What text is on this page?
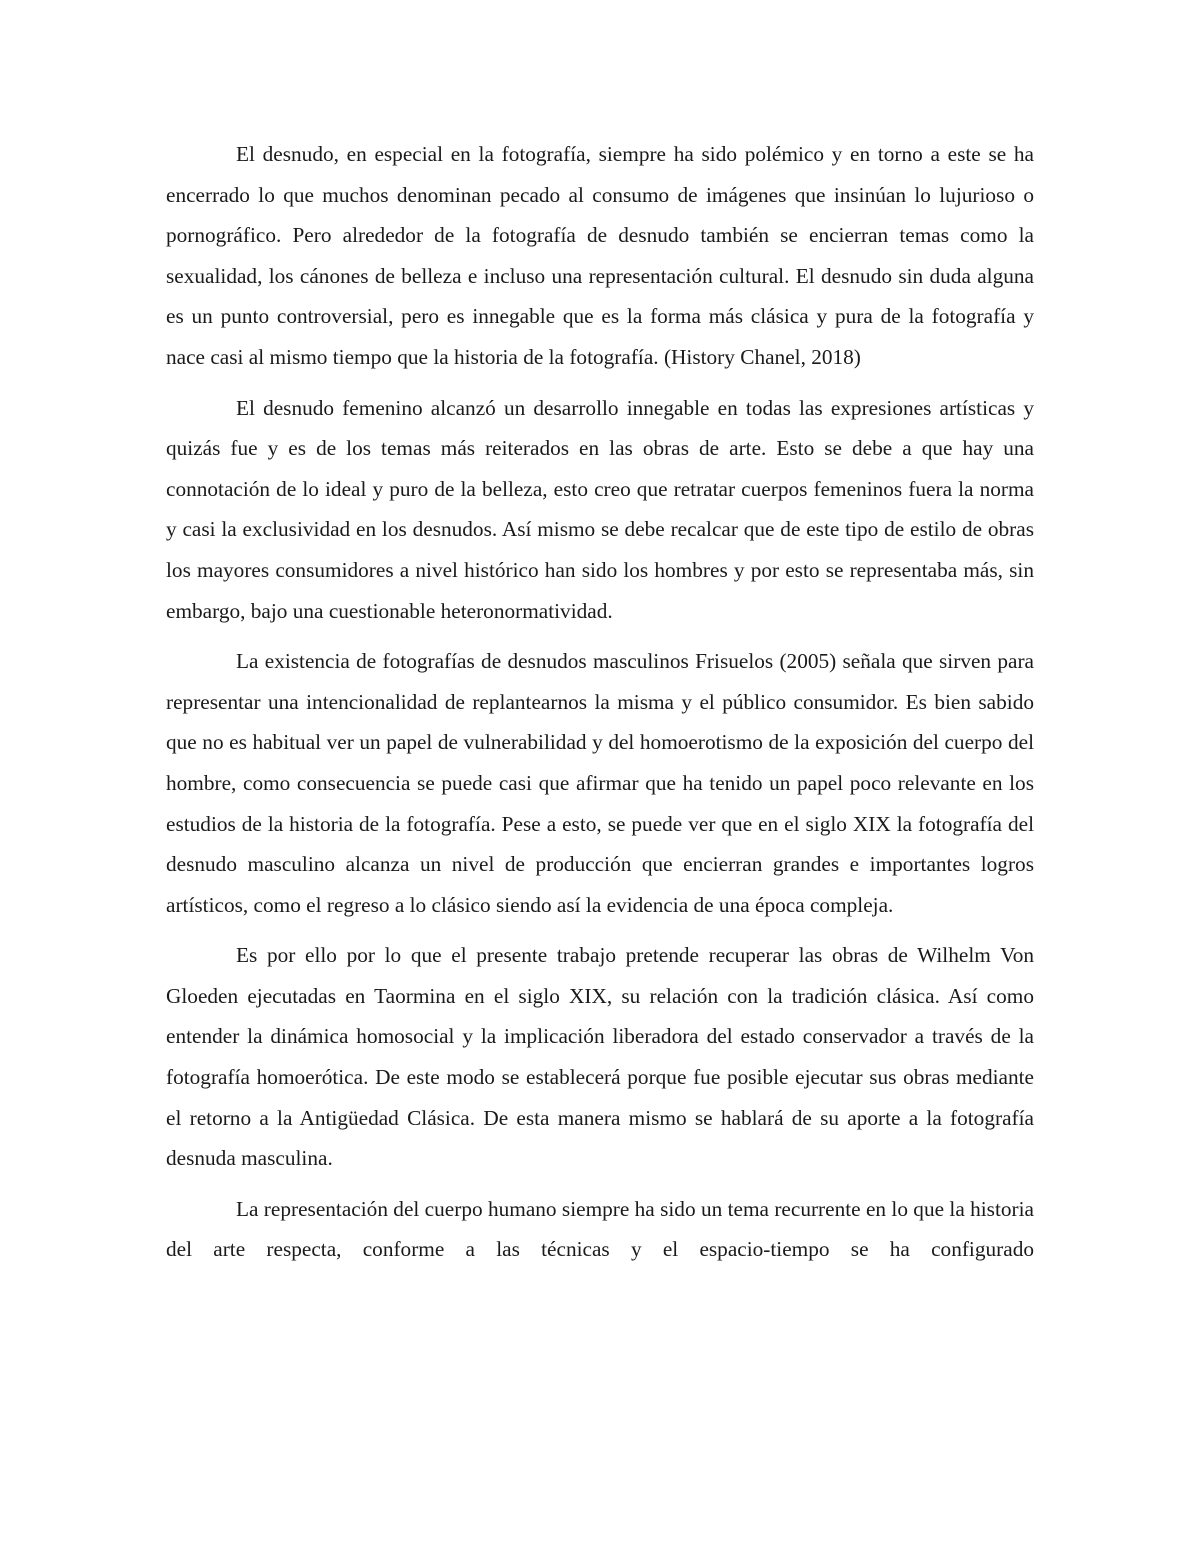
El desnudo, en especial en la fotografía, siempre ha sido polémico y en torno a este se ha encerrado lo que muchos denominan pecado al consumo de imágenes que insinúan lo lujurioso o pornográfico. Pero alrededor de la fotografía de desnudo también se encierran temas como la sexualidad, los cánones de belleza e incluso una representación cultural. El desnudo sin duda alguna es un punto controversial, pero es innegable que es la forma más clásica y pura de la fotografía y nace casi al mismo tiempo que la historia de la fotografía. (History Chanel, 2018)

El desnudo femenino alcanzó un desarrollo innegable en todas las expresiones artísticas y quizás fue y es de los temas más reiterados en las obras de arte. Esto se debe a que hay una connotación de lo ideal y puro de la belleza, esto creo que retratar cuerpos femeninos fuera la norma y casi la exclusividad en los desnudos. Así mismo se debe recalcar que de este tipo de estilo de obras los mayores consumidores a nivel histórico han sido los hombres y por esto se representaba más, sin embargo, bajo una cuestionable heteronormatividad.

La existencia de fotografías de desnudos masculinos Frisuelos (2005) señala que sirven para representar una intencionalidad de replantearnos la misma y el público consumidor. Es bien sabido que no es habitual ver un papel de vulnerabilidad y del homoerotismo de la exposición del cuerpo del hombre, como consecuencia se puede casi que afirmar que ha tenido un papel poco relevante en los estudios de la historia de la fotografía. Pese a esto, se puede ver que en el siglo XIX la fotografía del desnudo masculino alcanza un nivel de producción que encierran grandes e importantes logros artísticos, como el regreso a lo clásico siendo así la evidencia de una época compleja.

Es por ello por lo que el presente trabajo pretende recuperar las obras de Wilhelm Von Gloeden ejecutadas en Taormina en el siglo XIX, su relación con la tradición clásica. Así como entender la dinámica homosocial y la implicación liberadora del estado conservador a través de la fotografía homoerótica. De este modo se establecerá porque fue posible ejecutar sus obras mediante el retorno a la Antigüedad Clásica. De esta manera mismo se hablará de su aporte a la fotografía desnuda masculina.

La representación del cuerpo humano siempre ha sido un tema recurrente en lo que la historia del arte respecta, conforme a las técnicas y el espacio-tiempo se ha configurado
